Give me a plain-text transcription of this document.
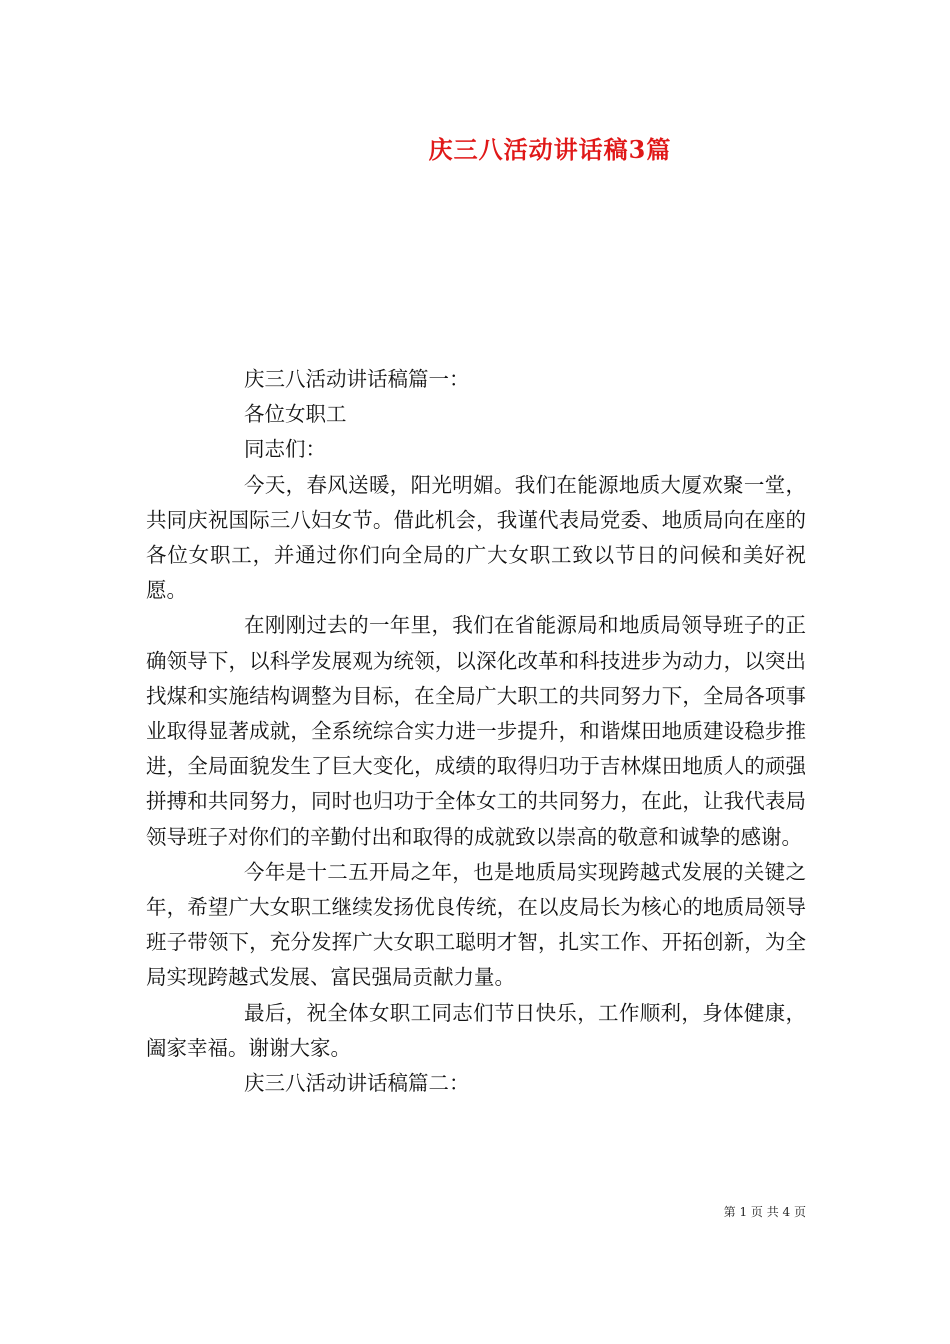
庆三八活动讲话稿3篇

庆三八活动讲话稿篇一：

各位女职工

同志们：

今天，春风送暖，阳光明媚。我们在能源地质大厦欢聚一堂，共同庆祝国际三八妇女节。借此机会，我谨代表局党委、地质局向在座的各位女职工，并通过你们向全局的广大女职工致以节日的问候和美好祝愿。

在刚刚过去的一年里，我们在省能源局和地质局领导班子的正确领导下，以科学发展观为统领，以深化改革和科技进步为动力，以突出找煤和实施结构调整为目标，在全局广大职工的共同努力下，全局各项事业取得显著成就，全系统综合实力进一步提升，和谐煤田地质建设稳步推进，全局面貌发生了巨大变化，成绩的取得归功于吉林煤田地质人的顽强拼搏和共同努力，同时也归功于全体女工的共同努力，在此，让我代表局领导班子对你们的辛勤付出和取得的成就致以崇高的敬意和诚挚的感谢。

今年是十二五开局之年，也是地质局实现跨越式发展的关键之年，希望广大女职工继续发扬优良传统，在以皮局长为核心的地质局领导班子带领下，充分发挥广大女职工聪明才智，扎实工作、开拓创新，为全局实现跨越式发展、富民强局贡献力量。

最后，祝全体女职工同志们节日快乐，工作顺利，身体健康，阖家幸福。谢谢大家。

庆三八活动讲话稿篇二：

第 1 页 共 4 页
